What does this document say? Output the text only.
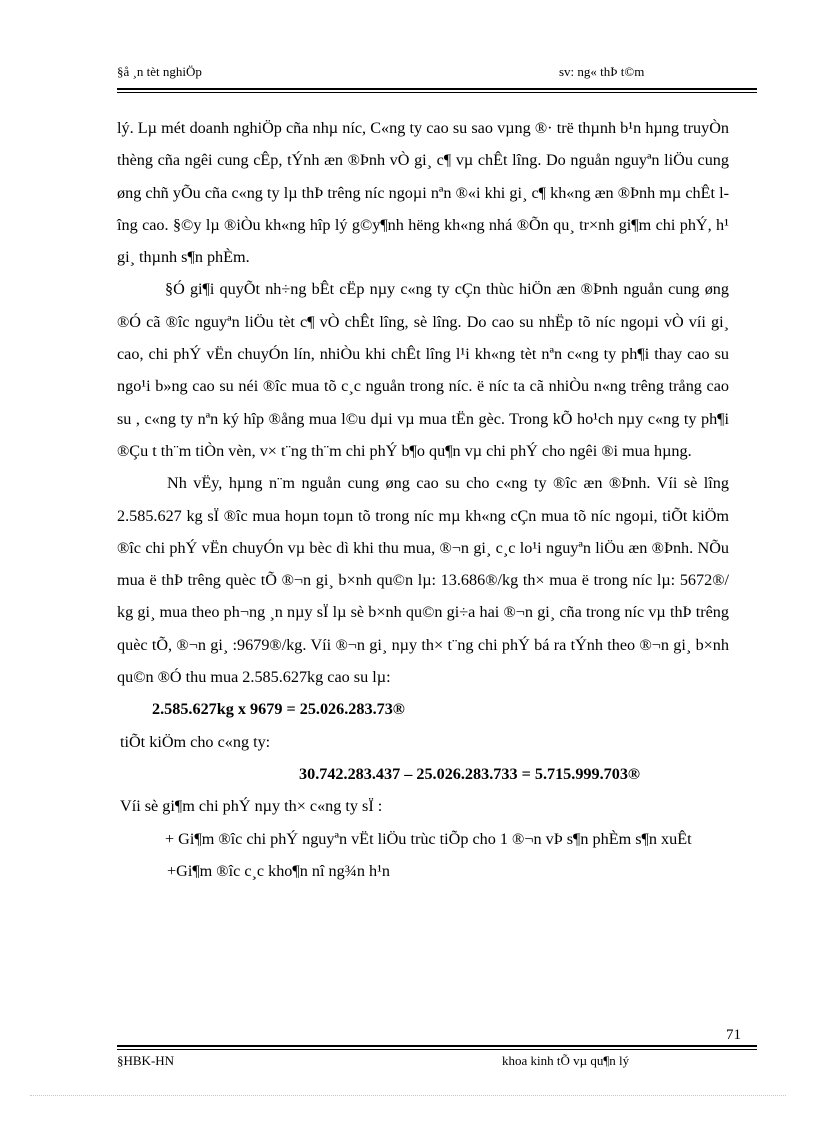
§å ¸n tèt nghiÖp	sv: ng« thÞ t©m

lý. Lµ mét doanh nghiÖp cña nhµ níc, C«ng ty cao su sao vµng ®· trë thµnh b¹n hµng truyÒn thèng cña ngêi cung cÊp, tÝnh æn ®Þnh vÒ gi¸ c¶ vµ chÊt lîng. Do nguån nguyªn liÖu cung øng chñ yÕu cña c«ng ty lµ thÞ trêng níc ngoµi nªn ®«i khi gi¸ c¶ kh«ng æn ®Þnh mµ chÊt lîng cao. §©y lµ ®iÒu kh«ng hîp lý g©y¶nh hëng kh«ng nhá ®Õn qu¸ tr×nh gi¶m chi phÝ, h¹ gi¸ thµnh s¶n phÈm.

§Ó gi¶i quyÕt nh÷ng bÊt cËp nµy c«ng ty cÇn thùc hiÖn æn ®Þnh nguån cung øng ®Ó cã ®îc nguyªn liÖu tèt c¶ vÒ chÊt lîng, sè lîng. Do cao su nhËp tõ níc ngoµi vÒ víi gi¸ cao, chi phÝ vËn chuyÓn lín, nhiÒu khi chÊt lîng l¹i kh«ng tèt nªn c«ng ty ph¶i thay cao su ngo¹i b»ng cao su néi ®îc mua tõ c¸c nguån trong níc. ë níc ta cã nhiÒu n«ng trêng trång cao su , c«ng ty nªn ký hîp ®ång mua l©u dµi vµ mua tËn gèc. Trong kÕ ho¹ch nµy c«ng ty ph¶i ®Çu t th¨m tiÒn vèn, v× t¨ng th¨m chi phÝ b¶o qu¶n vµ chi phÝ cho ngêi ®i mua hµng.

Nh vËy, hµng n¨m nguån cung øng cao su cho c«ng ty ®îc æn ®Þnh. Víi sè lîng 2.585.627 kg sÏ ®îc mua hoµn toµn tõ trong níc mµ kh«ng cÇn mua tõ níc ngoµi, tiÕt kiÖm ®îc chi phÝ vËn chuyÓn vµ bèc dì khi thu mua, ®¬n gi¸ c¸c lo¹i nguyªn liÖu æn ®Þnh. NÕu mua ë thÞ trêng quèc tÕ ®¬n gi¸ b×nh qu©n lµ: 13.686®/kg th× mua ë trong níc lµ: 5672®/ kg gi¸ mua theo ph¬ng ¸n nµy sÏ lµ sè b×nh qu©n gi÷a hai ®¬n gi¸ cña trong níc vµ thÞ trêng quèc tÕ, ®¬n gi¸ :9679®/kg. Víi ®¬n gi¸ nµy th× t¨ng chi phÝ bá ra tÝnh theo ®¬n gi¸ b×nh qu©n ®Ó thu mua 2.585.627kg cao su lµ:

2.585.627kg x 9679 = 25.026.283.73®

tiÕt kiÖm cho c«ng ty:

30.742.283.437 – 25.026.283.733 = 5.715.999.703®

Víi sè gi¶m chi phÝ nµy th× c«ng ty sÏ :

+ Gi¶m ®îc chi phÝ nguyªn vËt liÖu trùc tiÕp cho 1 ®¬n vÞ s¶n phÈm s¶n xuÊt

+Gi¶m ®îc c¸c kho¶n nî ng¾n h¹n

71
§HBK-HN	khoa kinh tÕ vµ qu¶n lý
